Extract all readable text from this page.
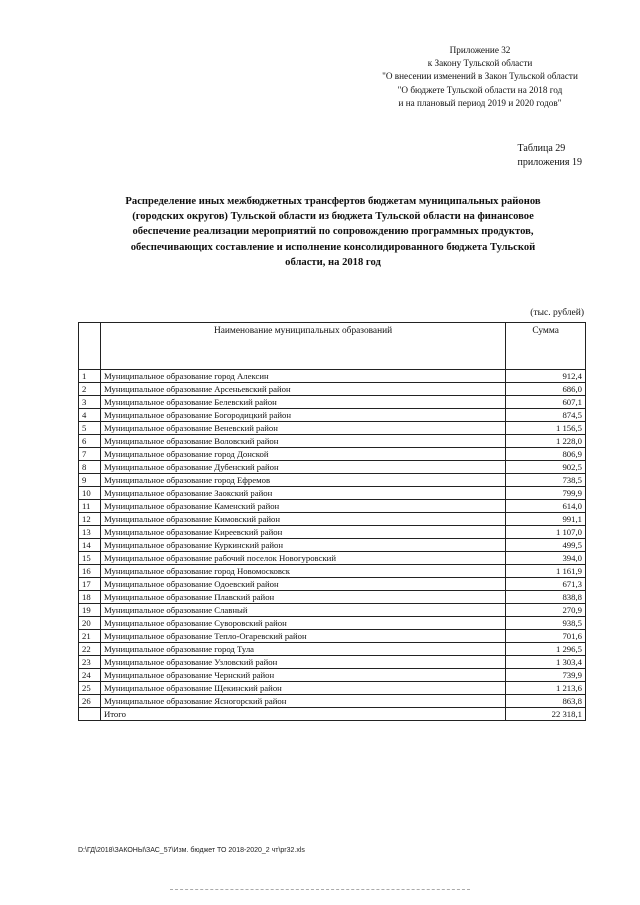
Приложение 32
к Закону Тульской области
"О внесении изменений в Закон Тульской области
"О бюджете Тульской области на 2018 год
и на плановый период 2019 и 2020 годов"
Таблица 29
приложения 19
Распределение иных межбюджетных трансфертов бюджетам муниципальных районов
(городских округов) Тульской области из бюджета Тульской области на финансовое
обеспечение реализации мероприятий по сопровождению программных продуктов,
обеспечивающих составление и исполнение консолидированного бюджета Тульской
области, на 2018 год
(тыс. рублей)
	Наименование муниципальных образований	Сумма
1	Муниципальное образование город Алексин	912,4
2	Муниципальное образование Арсеньевский район	686,0
3	Муниципальное образование Белевский район	607,1
4	Муниципальное образование Богородицкий район	874,5
5	Муниципальное образование Веневский район	1 156,5
6	Муниципальное образование Воловский район	1 228,0
7	Муниципальное образование город Донской	806,9
8	Муниципальное образование Дубенский район	902,5
9	Муниципальное образование город Ефремов	738,5
10	Муниципальное образование Заокский район	799,9
11	Муниципальное образование Каменский район	614,0
12	Муниципальное образование Кимовский район	991,1
13	Муниципальное образование Киреевский район	1 107,0
14	Муниципальное образование Куркинский район	499,5
15	Муниципальное образование рабочий поселок Новогуровский	394,0
16	Муниципальное образование город Новомосковск	1 161,9
17	Муниципальное образование Одоевский район	671,3
18	Муниципальное образование Плавский район	838,8
19	Муниципальное образование Славный	270,9
20	Муниципальное образование Суворовский район	938,5
21	Муниципальное образование Тепло-Огаревский район	701,6
22	Муниципальное образование город Тула	1 296,5
23	Муниципальное образование Узловский район	1 303,4
24	Муниципальное образование Чернский район	739,9
25	Муниципальное образование Щекинский район	1 213,6
26	Муниципальное образование Ясногорский район	863,8
	Итого	22 318,1
D:\ГД\2018\ЗАКОНЫ\ЗАС_57\Изм. бюджет ТО 2018-2020_2 чт\pr32.xls
